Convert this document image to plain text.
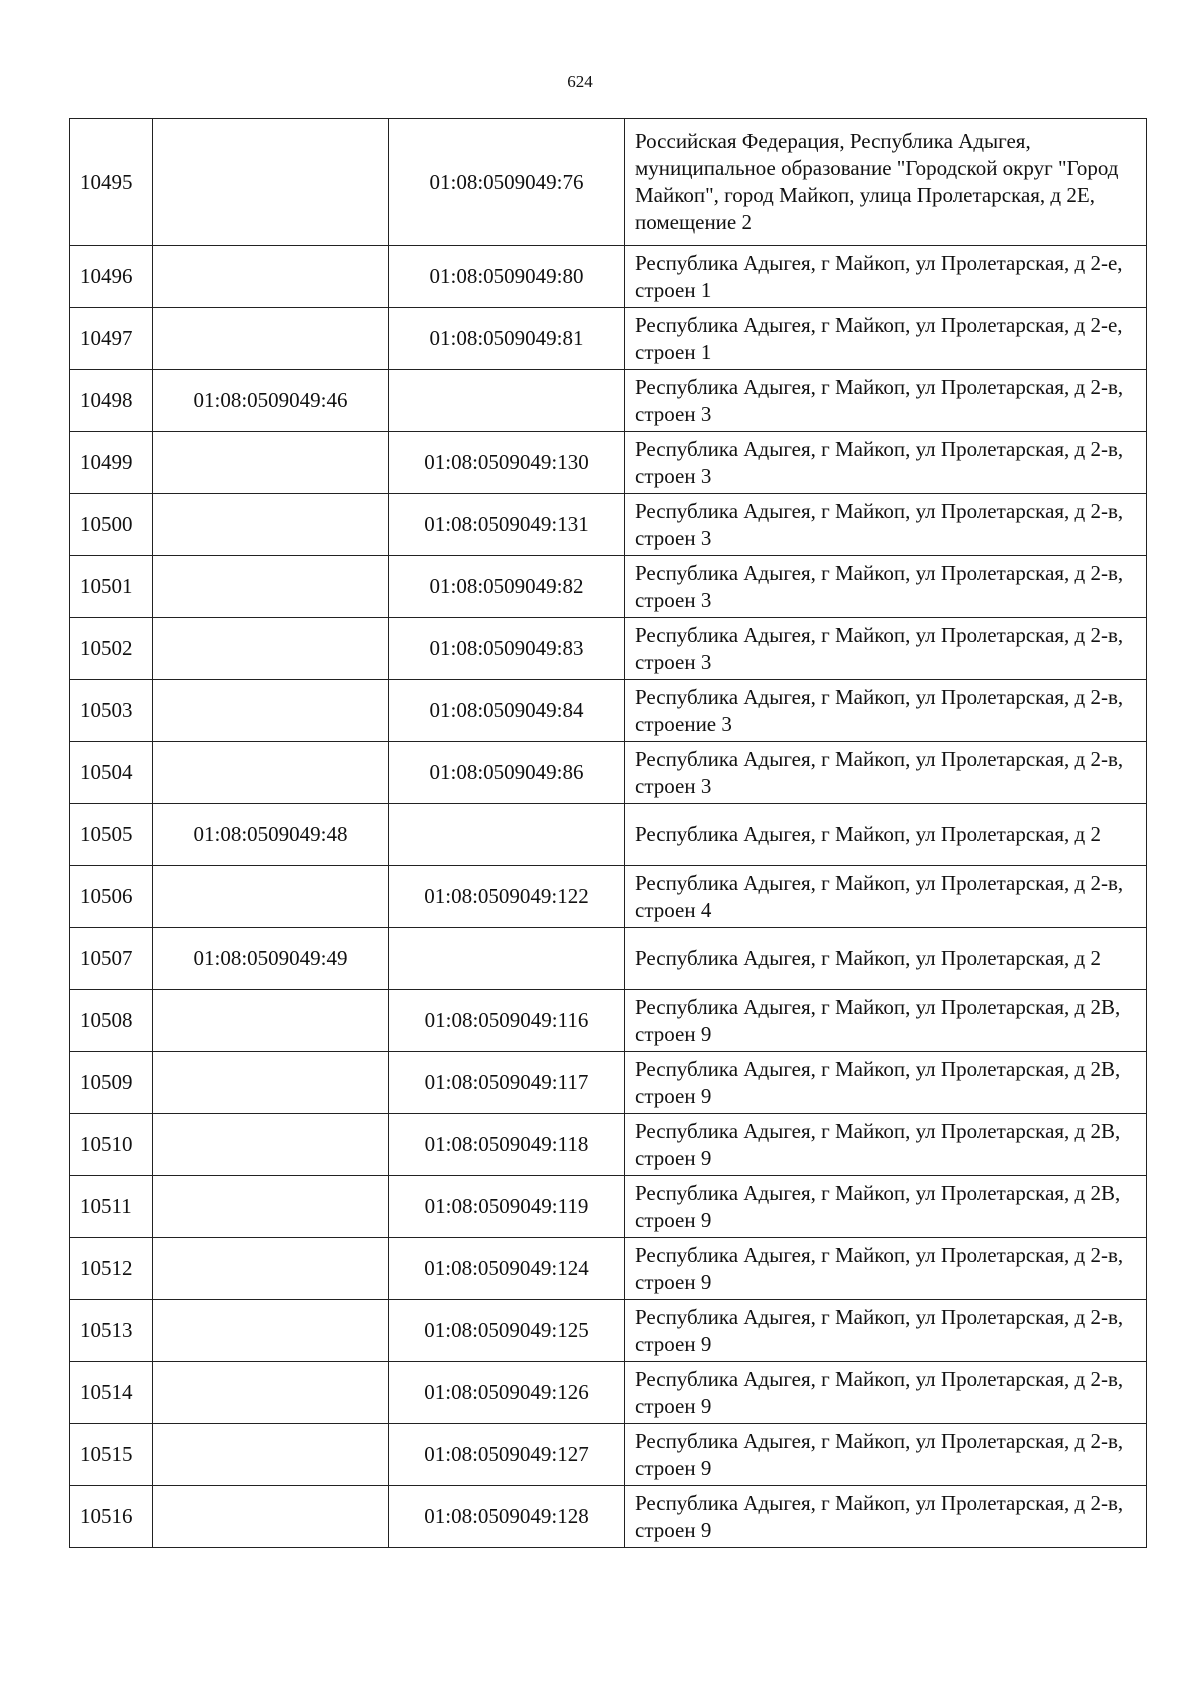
624
10495		01:08:0509049:76	Российская Федерация, Республика Адыгея, муниципальное образование "Городской округ "Город Майкоп", город Майкоп, улица Пролетарская, д 2Е, помещение 2
10496		01:08:0509049:80	Республика Адыгея, г Майкоп, ул Пролетарская, д 2-е, строен 1
10497		01:08:0509049:81	Республика Адыгея, г Майкоп, ул Пролетарская, д 2-е, строен 1
10498	01:08:0509049:46		Республика Адыгея, г Майкоп, ул Пролетарская, д 2-в, строен 3
10499		01:08:0509049:130	Республика Адыгея, г Майкоп, ул Пролетарская, д 2-в, строен 3
10500		01:08:0509049:131	Республика Адыгея, г Майкоп, ул Пролетарская, д 2-в, строен 3
10501		01:08:0509049:82	Республика Адыгея, г Майкоп, ул Пролетарская, д 2-в, строен 3
10502		01:08:0509049:83	Республика Адыгея, г Майкоп, ул Пролетарская, д 2-в, строен 3
10503		01:08:0509049:84	Республика Адыгея, г Майкоп, ул Пролетарская, д 2-в, строение 3
10504		01:08:0509049:86	Республика Адыгея, г Майкоп, ул Пролетарская, д 2-в, строен 3
10505	01:08:0509049:48		Республика Адыгея, г Майкоп, ул Пролетарская, д 2
10506		01:08:0509049:122	Республика Адыгея, г Майкоп, ул Пролетарская, д 2-в, строен 4
10507	01:08:0509049:49		Республика Адыгея, г Майкоп, ул Пролетарская, д 2
10508		01:08:0509049:116	Республика Адыгея, г Майкоп, ул Пролетарская, д 2В, строен 9
10509		01:08:0509049:117	Республика Адыгея, г Майкоп, ул Пролетарская, д 2В, строен 9
10510		01:08:0509049:118	Республика Адыгея, г Майкоп, ул Пролетарская, д 2В, строен 9
10511		01:08:0509049:119	Республика Адыгея, г Майкоп, ул Пролетарская, д 2В, строен 9
10512		01:08:0509049:124	Республика Адыгея, г Майкоп, ул Пролетарская, д 2-в, строен 9
10513		01:08:0509049:125	Республика Адыгея, г Майкоп, ул Пролетарская, д 2-в, строен 9
10514		01:08:0509049:126	Республика Адыгея, г Майкоп, ул Пролетарская, д 2-в, строен 9
10515		01:08:0509049:127	Республика Адыгея, г Майкоп, ул Пролетарская, д 2-в, строен 9
10516		01:08:0509049:128	Республика Адыгея, г Майкоп, ул Пролетарская, д 2-в, строен 9
